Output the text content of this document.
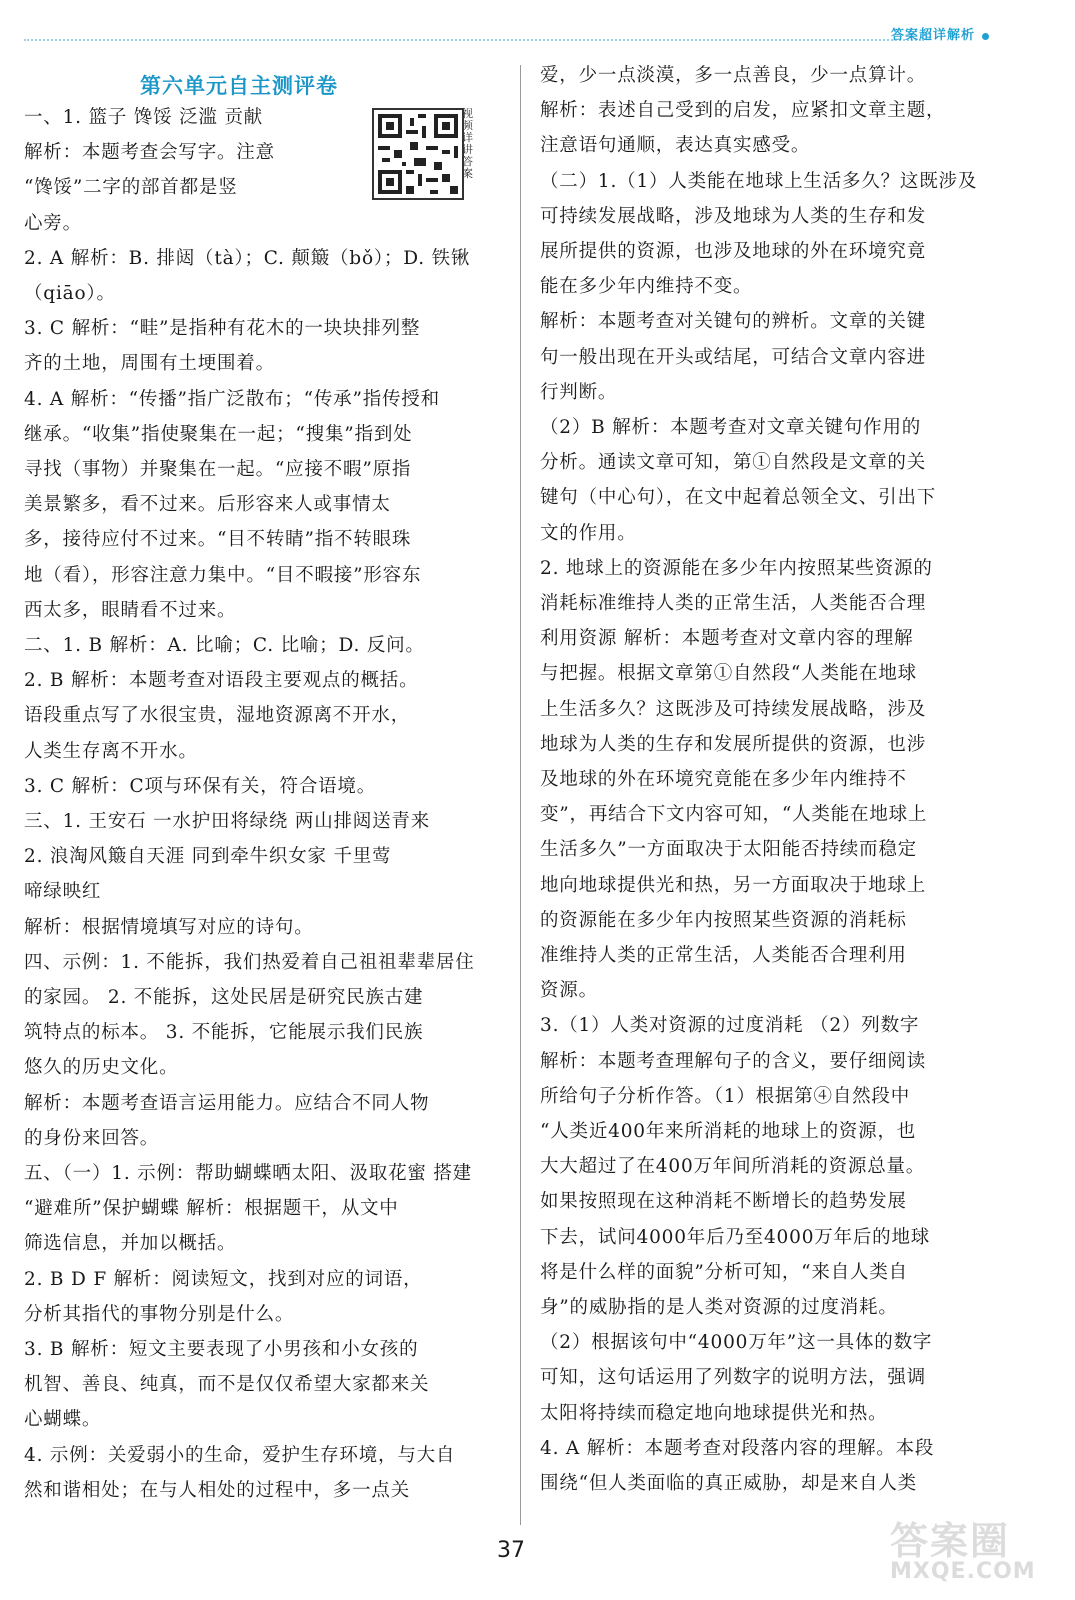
答案超详解析
第六单元自主测评卷
视频详讲答案
一、1. 篮子 馋馁 泛滥 贡献
解析：本题考查会写字。注意
“馋馁”二字的部首都是竖
心旁。
2. A 解析：B. 排闼（tà）；C. 颠簸（bǒ）；D. 铁锹
（qiāo）。
3. C 解析：“畦”是指种有花木的一块块排列整
齐的土地，周围有土埂围着。
4. A 解析：“传播”指广泛散布；“传承”指传授和
继承。“收集”指使聚集在一起；“搜集”指到处
寻找（事物）并聚集在一起。“应接不暇”原指
美景繁多，看不过来。后形容来人或事情太
多，接待应付不过来。“目不转睛”指不转眼珠
地（看），形容注意力集中。“目不暇接”形容东
西太多，眼睛看不过来。
二、1. B 解析：A. 比喻；C. 比喻；D. 反问。
2. B 解析：本题考查对语段主要观点的概括。
语段重点写了水很宝贵，湿地资源离不开水，
人类生存离不开水。
3. C 解析：C项与环保有关，符合语境。
三、1. 王安石 一水护田将绿绕 两山排闼送青来
2. 浪淘风簸自天涯 同到牵牛织女家 千里莺
啼绿映红
解析：根据情境填写对应的诗句。
四、示例：1. 不能拆，我们热爱着自己祖祖辈辈居住
的家园。 2. 不能拆，这处民居是研究民族古建
筑特点的标本。 3. 不能拆，它能展示我们民族
悠久的历史文化。
解析：本题考查语言运用能力。应结合不同人物
的身份来回答。
五、（一）1. 示例：帮助蝴蝶晒太阳、汲取花蜜 搭建
“避难所”保护蝴蝶 解析：根据题干，从文中
筛选信息，并加以概括。
2. B D F 解析：阅读短文，找到对应的词语，
分析其指代的事物分别是什么。
3. B 解析：短文主要表现了小男孩和小女孩的
机智、善良、纯真，而不是仅仅希望大家都来关
心蝴蝶。
4. 示例：关爱弱小的生命，爱护生存环境，与大自
然和谐相处；在与人相处的过程中，多一点关
爱，少一点淡漠，多一点善良，少一点算计。
解析：表述自己受到的启发，应紧扣文章主题，
注意语句通顺，表达真实感受。
（二）1.（1）人类能在地球上生活多久？这既涉及
可持续发展战略，涉及地球为人类的生存和发
展所提供的资源，也涉及地球的外在环境究竟
能在多少年内维持不变。
解析：本题考查对关键句的辨析。文章的关键
句一般出现在开头或结尾，可结合文章内容进
行判断。
（2）B 解析：本题考查对文章关键句作用的
分析。通读文章可知，第①自然段是文章的关
键句（中心句），在文中起着总领全文、引出下
文的作用。
2. 地球上的资源能在多少年内按照某些资源的
消耗标准维持人类的正常生活，人类能否合理
利用资源 解析：本题考查对文章内容的理解
与把握。根据文章第①自然段“人类能在地球
上生活多久？这既涉及可持续发展战略，涉及
地球为人类的生存和发展所提供的资源，也涉
及地球的外在环境究竟能在多少年内维持不
变”，再结合下文内容可知，“人类能在地球上
生活多久”一方面取决于太阳能否持续而稳定
地向地球提供光和热，另一方面取决于地球上
的资源能在多少年内按照某些资源的消耗标
准维持人类的正常生活，人类能否合理利用
资源。
3.（1）人类对资源的过度消耗 （2）列数字
解析：本题考查理解句子的含义，要仔细阅读
所给句子分析作答。（1）根据第④自然段中
“人类近400年来所消耗的地球上的资源，也
大大超过了在400万年间所消耗的资源总量。
如果按照现在这种消耗不断增长的趋势发展
下去，试问4000年后乃至4000万年后的地球
将是什么样的面貌”分析可知，“来自人类自
身”的威胁指的是人类对资源的过度消耗。
（2）根据该句中“4000万年”这一具体的数字
可知，这句话运用了列数字的说明方法，强调
太阳将持续而稳定地向地球提供光和热。
4. A 解析：本题考查对段落内容的理解。本段
围绕“但人类面临的真正威胁，却是来自人类
37	答案圈
MXQE.COM
